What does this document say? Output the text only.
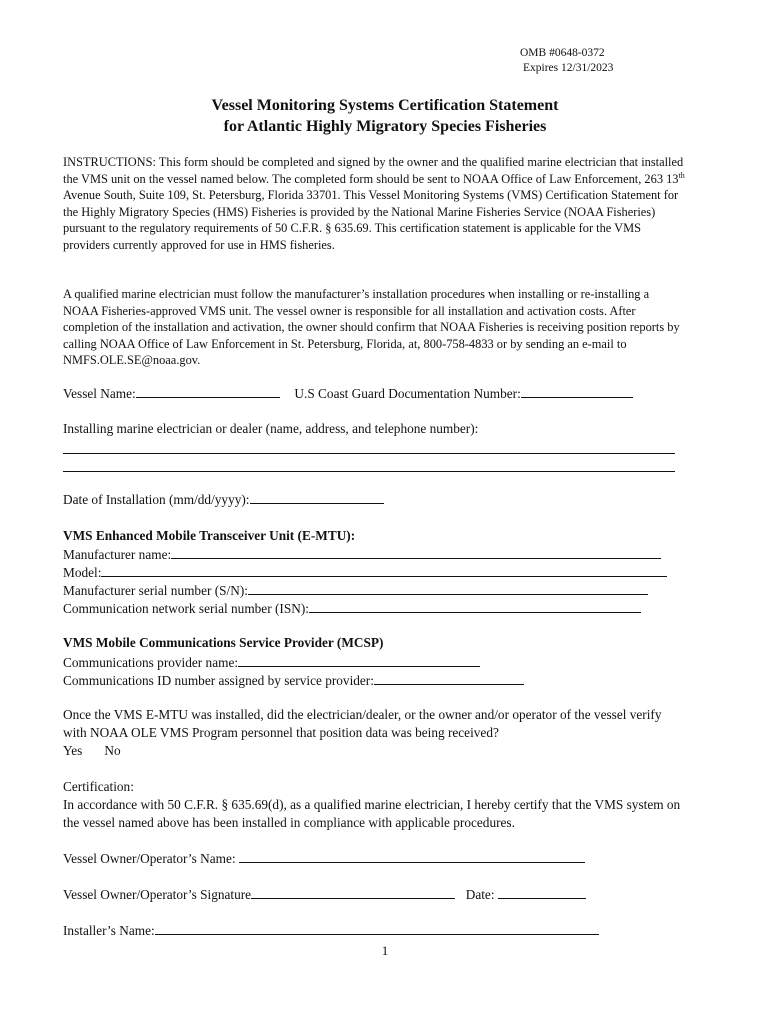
OMB #0648-0372
Expires 12/31/2023
Vessel Monitoring Systems Certification Statement
for Atlantic Highly Migratory Species Fisheries
INSTRUCTIONS: This form should be completed and signed by the owner and the qualified marine electrician that installed the VMS unit on the vessel named below. The completed form should be sent to NOAA Office of Law Enforcement, 263 13th Avenue South, Suite 109, St. Petersburg, Florida 33701. This Vessel Monitoring Systems (VMS) Certification Statement for the Highly Migratory Species (HMS) Fisheries is provided by the National Marine Fisheries Service (NOAA Fisheries) pursuant to the regulatory requirements of 50 C.F.R. § 635.69. This certification statement is applicable for the VMS providers currently approved for use in HMS fisheries.
A qualified marine electrician must follow the manufacturer’s installation procedures when installing or re-installing a NOAA Fisheries-approved VMS unit. The vessel owner is responsible for all installation and activation costs. After completion of the installation and activation, the owner should confirm that NOAA Fisheries is receiving position reports by calling NOAA Office of Law Enforcement in St. Petersburg, Florida, at, 800-758-4833 or by sending an e-mail to NMFS.OLE.SE@noaa.gov.
Vessel Name:	U.S Coast Guard Documentation Number:
Installing marine electrician or dealer (name, address, and telephone number):
Date of Installation (mm/dd/yyyy):
VMS Enhanced Mobile Transceiver Unit (E-MTU):
Manufacturer name:
Model:
Manufacturer serial number (S/N):
Communication network serial number (ISN):
VMS Mobile Communications Service Provider (MCSP)
Communications provider name:
Communications ID number assigned by service provider:
Once the VMS E-MTU was installed, did the electrician/dealer, or the owner and/or operator of the vessel verify with NOAA OLE VMS Program personnel that position data was being received?
Yes No
Certification:
In accordance with 50 C.F.R. § 635.69(d), as a qualified marine electrician, I hereby certify that the VMS system on the vessel named above has been installed in compliance with applicable procedures.
Vessel Owner/Operator’s Name:
Vessel Owner/Operator’s Signature	Date:
Installer’s Name:
1
